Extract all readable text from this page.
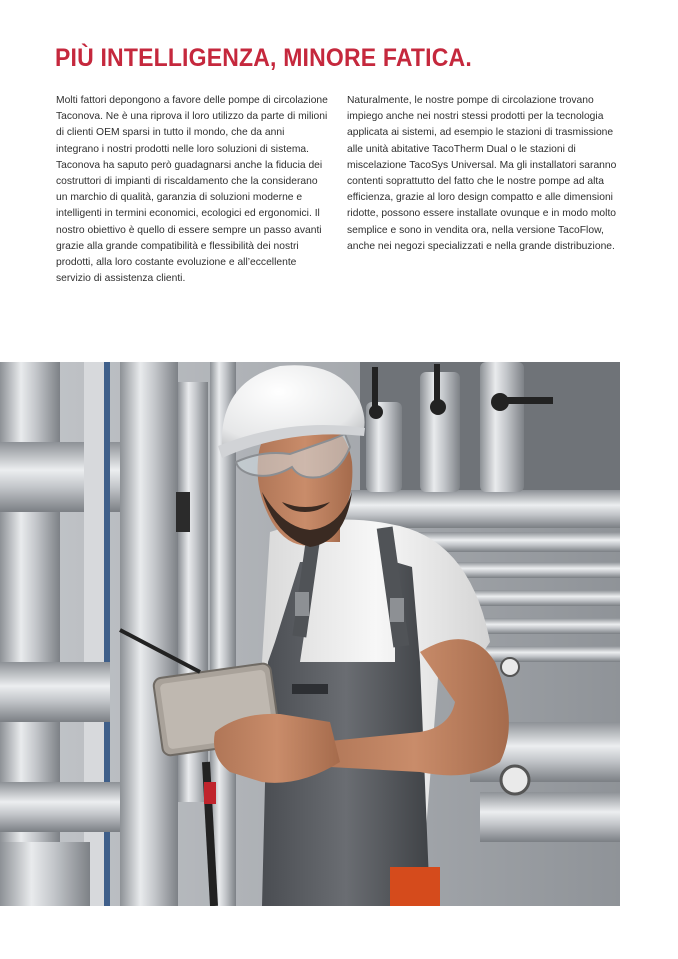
PIÙ INTELLIGENZA, MINORE FATICA.

Molti fattori depongono a favore delle pompe di circolazione Taconova. Ne è una riprova il loro utilizzo da parte di milioni di clienti OEM sparsi in tutto il mondo, che da anni integrano i nostri prodotti nelle loro soluzioni di sistema. Taconova ha saputo però guadagnarsi anche la fiducia dei costruttori di impianti di riscaldamento che la considerano un marchio di qualità, garanzia di soluzioni moderne e intelligenti in termini economici, ecologici ed ergonomici. Il nostro obiettivo è quello di essere sempre un passo avanti grazie alla grande compatibilità e flessibilità dei nostri prodotti, alla loro costante evoluzione e all’eccellente servizio di assistenza clienti.

Naturalmente, le nostre pompe di circolazione trovano impiego anche nei nostri stessi prodotti per la tecnologia applicata ai sistemi, ad esempio le stazioni di trasmissione alle unità abitative TacoTherm Dual o le stazioni di miscelazione TacoSys Universal. Ma gli installatori saranno contenti soprattutto del fatto che le nostre pompe ad alta efficienza, grazie al loro design compatto e alle dimensioni ridotte, possono essere installate ovunque e in modo molto semplice e sono in vendita ora, nella versione TacoFlow, anche nei negozi specializzati e nella grande distribuzione.
